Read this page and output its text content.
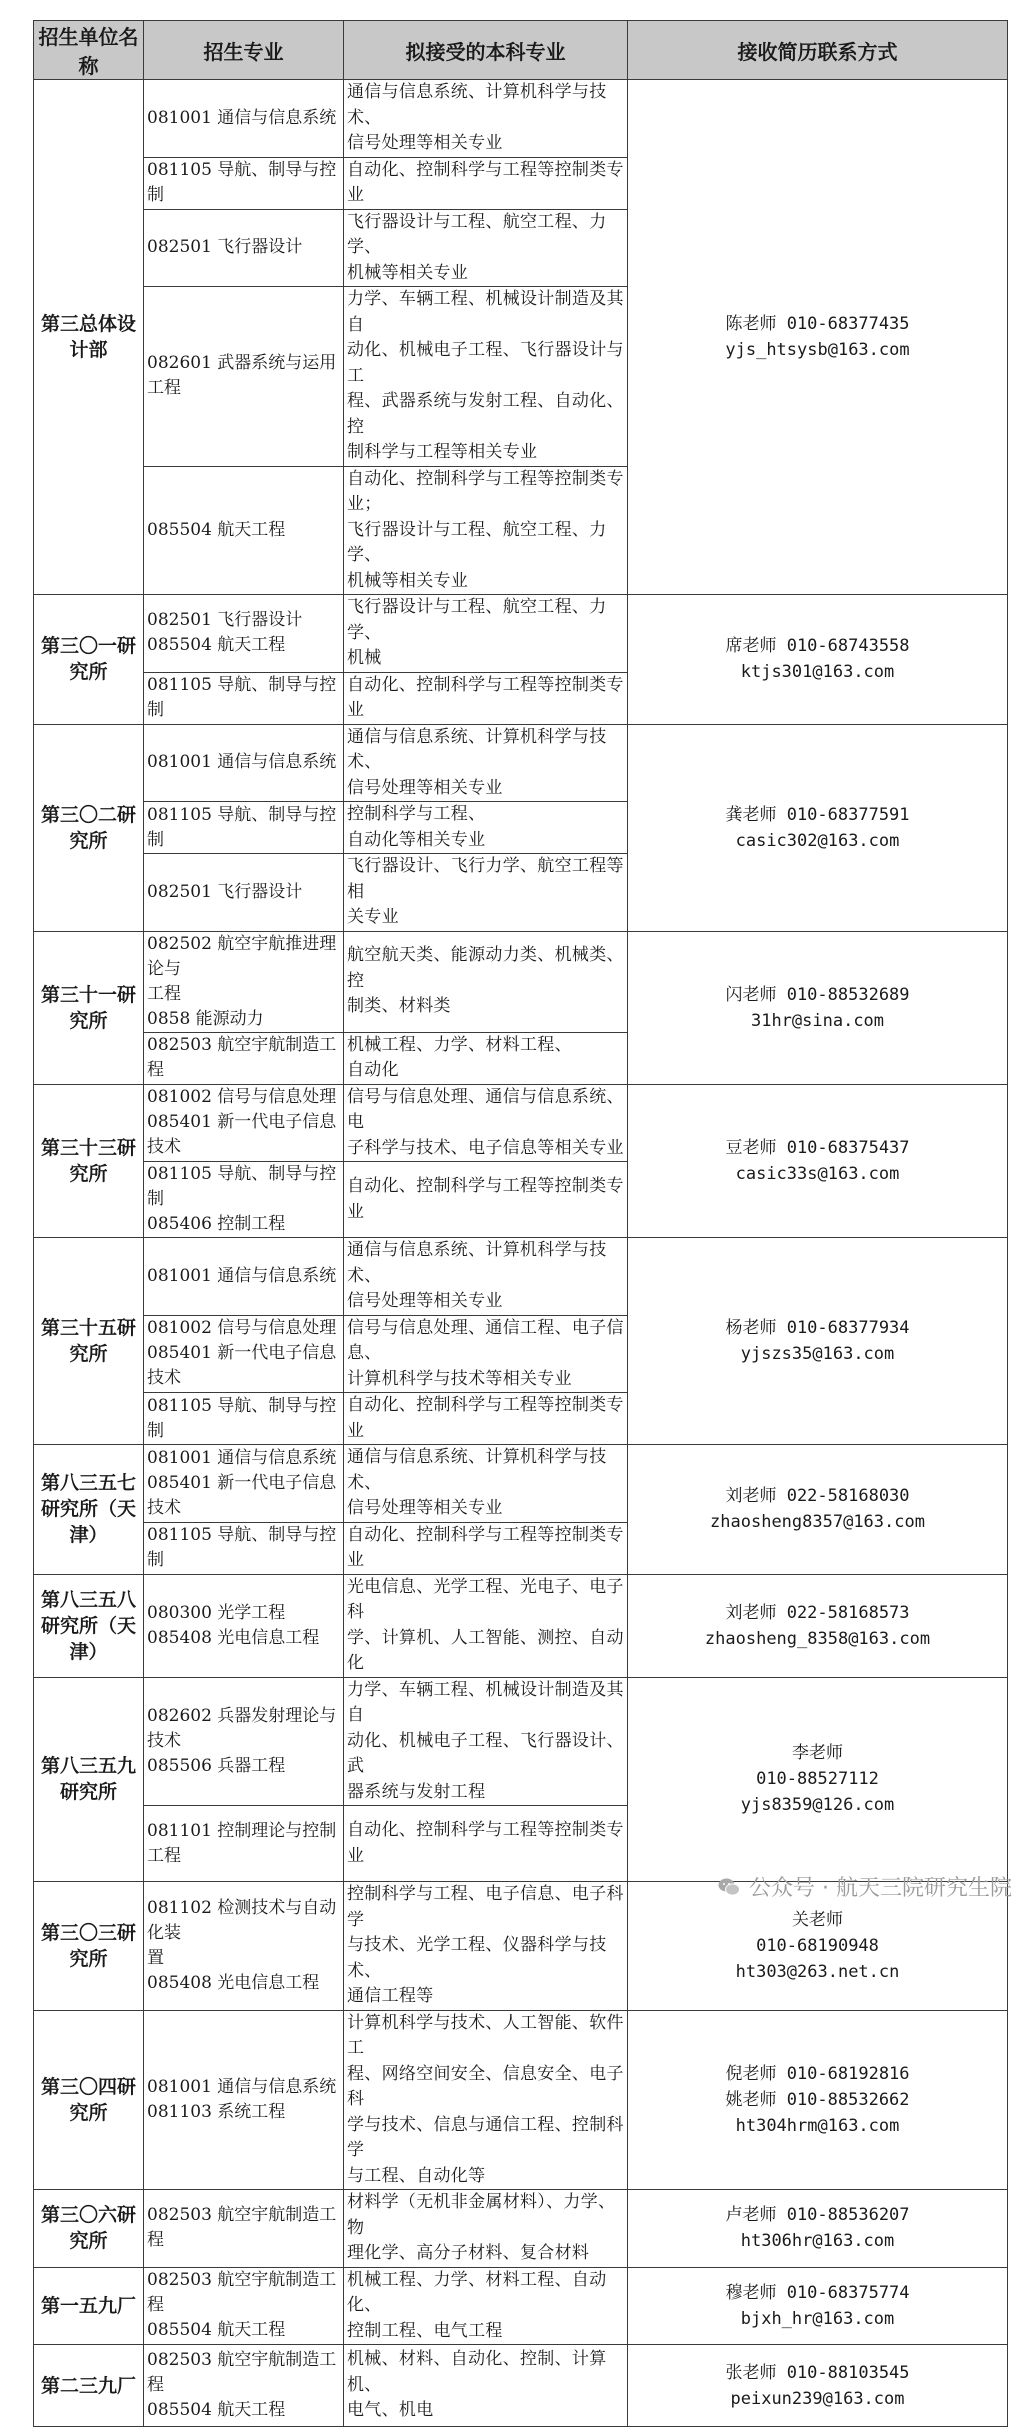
招生单位名称	招生专业	拟接受的本科专业	接收简历联系方式
第三总体设计部	081001 通信与信息系统	通信与信息系统、计算机科学与技术、
信号处理等相关专业	陈老师 010-68377435
yjs_htsysb@163.com
	081105 导航、制导与控制	自动化、控制科学与工程等控制类专业	
	082501 飞行器设计	飞行器设计与工程、航空工程、力学、
机械等相关专业	
	082601 武器系统与运用工程	力学、车辆工程、机械设计制造及其自
动化、机械电子工程、飞行器设计与工
程、武器系统与发射工程、自动化、控
制科学与工程等相关专业	
	085504 航天工程	自动化、控制科学与工程等控制类专业；
飞行器设计与工程、航空工程、力学、
机械等相关专业	
第三〇一研究所	082501 飞行器设计
085504 航天工程	飞行器设计与工程、航空工程、力学、
机械	席老师 010-68743558
ktjs301@163.com
	081105 导航、制导与控制	自动化、控制科学与工程等控制类专业	
第三〇二研究所	081001 通信与信息系统	通信与信息系统、计算机科学与技术、
信号处理等相关专业	龚老师 010-68377591
casic302@163.com
	081105 导航、制导与控制	控制科学与工程、
自动化等相关专业	
	082501 飞行器设计	飞行器设计、飞行力学、航空工程等相
关专业	
第三十一研究所	082502 航空宇航推进理论与
工程
0858 能源动力	航空航天类、能源动力类、机械类、控
制类、材料类	闪老师 010-88532689
31hr@sina.com
	082503 航空宇航制造工程	机械工程、力学、材料工程、
自动化	
第三十三研究所	081002 信号与信息处理
085401 新一代电子信息技术	信号与信息处理、通信与信息系统、电
子科学与技术、电子信息等相关专业	豆老师 010-68375437
casic33s@163.com
	081105 导航、制导与控制
085406 控制工程	自动化、控制科学与工程等控制类专业	
第三十五研究所	081001 通信与信息系统	通信与信息系统、计算机科学与技术、
信号处理等相关专业	杨老师 010-68377934
yjszs35@163.com
	081002 信号与信息处理
085401 新一代电子信息技术	信号与信息处理、通信工程、电子信息、
计算机科学与技术等相关专业	
	081105 导航、制导与控制	自动化、控制科学与工程等控制类专业	
第八三五七
研究所（天津）	081001 通信与信息系统
085401 新一代电子信息技术	通信与信息系统、计算机科学与技术、
信号处理等相关专业	刘老师 022-58168030
zhaosheng8357@163.com
	081105 导航、制导与控制	自动化、控制科学与工程等控制类专业	
第八三五八
研究所（天津）	080300 光学工程
085408 光电信息工程	光电信息、光学工程、光电子、电子科
学、计算机、人工智能、测控、自动化	刘老师 022-58168573
zhaosheng_8358@163.com
第八三五九
研究所	082602 兵器发射理论与技术
085506 兵器工程	力学、车辆工程、机械设计制造及其自
动化、机械电子工程、飞行器设计、武
器系统与发射工程	李老师
010-88527112
yjs8359@126.com
	081101 控制理论与控制工程	自动化、控制科学与工程等控制类专业	
第三〇三研究所	081102 检测技术与自动化装
置
085408 光电信息工程	控制科学与工程、电子信息、电子科学
与技术、光学工程、仪器科学与技术、
通信工程等	关老师
010-68190948
ht303@263.net.cn
第三〇四研究所	081001 通信与信息系统
081103 系统工程	计算机科学与技术、人工智能、软件工
程、网络空间安全、信息安全、电子科
学与技术、信息与通信工程、控制科学
与工程、自动化等	倪老师 010-68192816
姚老师 010-88532662
ht304hrm@163.com
第三〇六研究所	082503 航空宇航制造工程	材料学（无机非金属材料）、力学、物
理化学、高分子材料、复合材料	卢老师 010-88536207
ht306hr@163.com
第一五九厂	082503 航空宇航制造工程
085504 航天工程	机械工程、力学、材料工程、自动化、
控制工程、电气工程	穆老师 010-68375774
bjxh_hr@163.com
第二三九厂	082503 航空宇航制造工程
085504 航天工程	机械、材料、自动化、控制、计算机、
电气、机电	张老师 010-88103545
peixun239@163.com
公众号 · 航天三院研究生院
